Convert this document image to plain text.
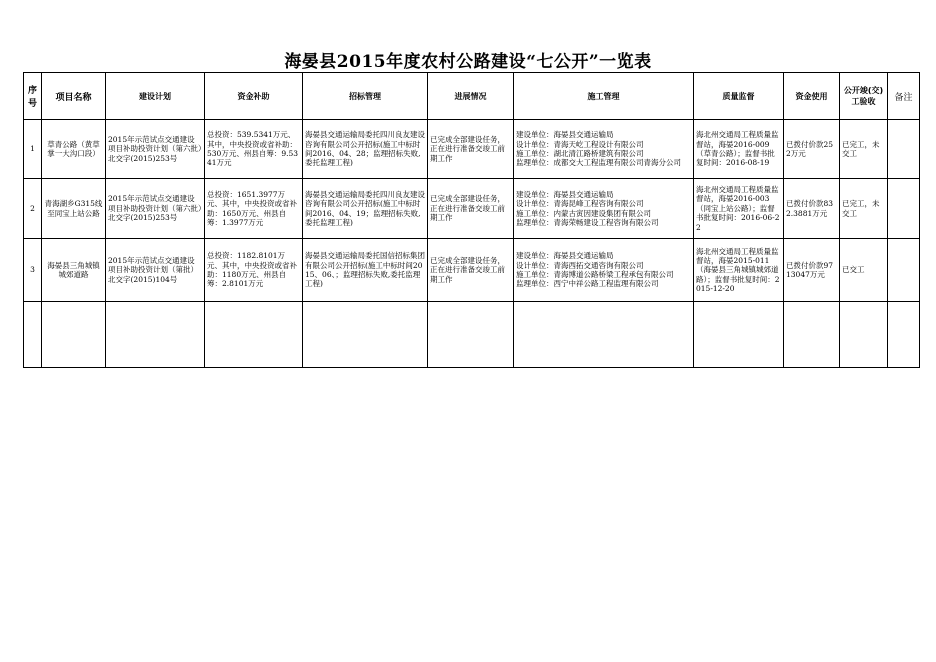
海晏县2015年度农村公路建设“七公开”一览表
序号	项目名称	建设计划	资金补助	招标管理	进展情况	施工管理	质量监督	资金使用	公开竣(交)工验收	备注
1	草青公路（黄草掌一大沟口段）	2015年示范试点交通建设项目补助投资计划（第六批）北交字(2015)253号	总投资：539.5341万元、其中，中央投资或省补助：530万元、州县自筹：9.5341万元	海晏县交通运输局委托四川良友建设咨询有限公司公开招标(施工中标时间2016、04、28；监理招标失败,委托监理工程)	已完成全部建设任务，正在进行准备交竣工前期工作	建设单位：海晏县交通运输局
设计单位：青海天屹工程设计有限公司
施工单位：湖北清江路桥建筑有限公司
监理单位：成都交大工程监理有限公司青海分公司	海北州交通局工程质量监督站，海晏2016-009（草青公路）；监督书批复时间：2016-08-19	已拨付价款252万元	已完工，未交工	
2	青海湖乡G315线至同宝上站公路	2015年示范试点交通建设项目补助投资计划（第六批）北交字(2015)253号	总投资：1651.3977万元、其中，中央投资或省补助：1650万元、州县自筹：1.3977万元	海晏县交通运输局委托四川良友建设咨询有限公司公开招标(施工中标时间2016、04、19；监理招标失败,委托监理工程)	已完成全部建设任务，正在进行准备交竣工前期工作	建设单位：海晏县交通运输局
设计单位：青海昆峰工程咨询有限公司
施工单位：内蒙古寅因建设集团有限公司
监理单位：青海荣畅建设工程咨询有限公司	海北州交通局工程质量监督站，海晏2016-003（同宝上站公路）；监督书批复时间：2016-06-22	已拨付价款832.3881万元	已完工，未交工	
3	海晏县三角城镇城郊道路	2015年示范试点交通建设项目补助投资计划（第批）北交字(2015)104号	总投资：1182.8101万元、其中，中央投资或省补助：1180万元、州县自筹：2.8101万元	海晏县交通运输局委托国信招标集团有限公司公开招标(施工中标时间2015、06、；监理招标失败,委托监理工程)	已完成全部建设任务，正在进行准备交竣工前期工作	建设单位：海晏县交通运输局
设计单位：青海西拓交通咨询有限公司
施工单位：青海博道公路桥梁工程承包有限公司
监理单位：西宁中祥公路工程监理有限公司	海北州交通局工程质量监督站，海晏2015-011（海晏县三角城镇城郊道路）；监督书批复时间：2015-12-20	已拨付价款9713047万元	已交工	
